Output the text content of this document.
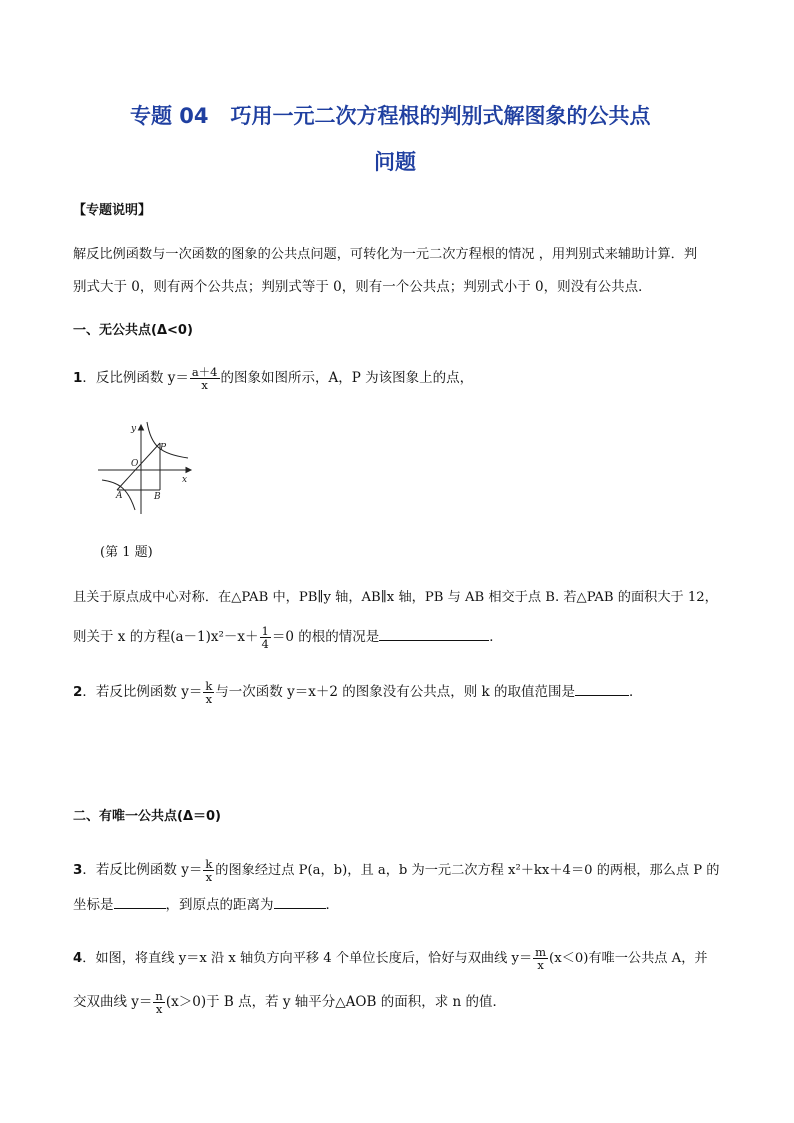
专题 04 巧用一元二次方程根的判别式解图象的公共点
问题
【专题说明】
解反比例函数与一次函数的图象的公共点问题，可转化为一元二次方程根的情况 ，用判别式来辅助计算．判
别式大于 0，则有两个公共点；判别式等于 0，则有一个公共点；判别式小于 0，则没有公共点．
一、无公共点(Δ<0)
1．反比例函数 $y= \frac{a+4}{x}$ 的图象如图所示，A，P 为该图象上的点，
y
x
O
P
A	B
(第 1 题)
且关于原点成中心对称．在△PAB 中，PB∥y 轴，AB∥x 轴，PB 与 AB 相交于点 B. 若△PAB 的面积大于 12，
则关于 x 的方程$(a-1)x^2-x+ \frac{1}{4} =0$ 的根的情况是	．
2．若反比例函数 $y= \frac{k}{x}$ 与一次函数 y＝x＋2 的图象没有公共点，则 k 的取值范围是	．
二、有唯一公共点(Δ＝0)
3．若反比例函数 $y= \frac{k}{x}$ 的图象经过点 P(a，b)，且 a，b 为一元二次方程 x²＋kx＋4＝0 的两根，那么点 P 的
坐标是	，到原点的距离为	．
4．如图，将直线 y＝x 沿 x 轴负方向平移 4 个单位长度后，恰好与双曲线 $y= \frac{m}{x} (x<0)$有唯一公共点 A，并
交双曲线 $y= \frac{n}{x} (x>0)$于 B 点，若 y 轴平分△AOB 的面积，求 n 的值．
